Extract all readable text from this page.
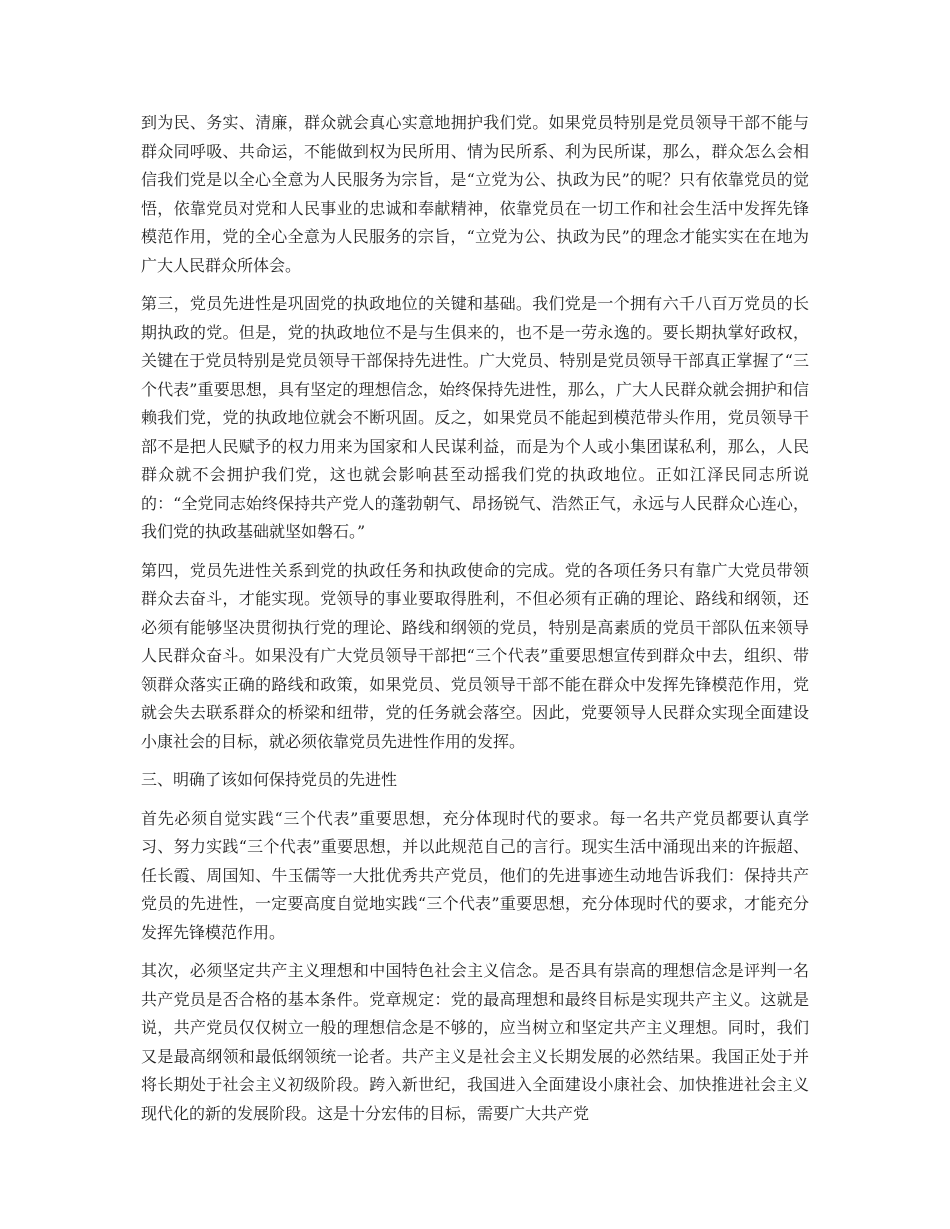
到为民、务实、清廉，群众就会真心实意地拥护我们党。如果党员特别是党员领导干部不能与群众同呼吸、共命运，不能做到权为民所用、情为民所系、利为民所谋，那么，群众怎么会相信我们党是以全心全意为人民服务为宗旨，是“立党为公、执政为民”的呢？只有依靠党员的觉悟，依靠党员对党和人民事业的忠诚和奉献精神，依靠党员在一切工作和社会生活中发挥先锋模范作用，党的全心全意为人民服务的宗旨，“立党为公、执政为民”的理念才能实实在在地为广大人民群众所体会。

第三，党员先进性是巩固党的执政地位的关键和基础。我们党是一个拥有六千八百万党员的长期执政的党。但是，党的执政地位不是与生俱来的，也不是一劳永逸的。要长期执掌好政权，关键在于党员特别是党员领导干部保持先进性。广大党员、特别是党员领导干部真正掌握了“三个代表”重要思想，具有坚定的理想信念，始终保持先进性，那么，广大人民群众就会拥护和信赖我们党，党的执政地位就会不断巩固。反之，如果党员不能起到模范带头作用，党员领导干部不是把人民赋予的权力用来为国家和人民谋利益，而是为个人或小集团谋私利，那么，人民群众就不会拥护我们党，这也就会影响甚至动摇我们党的执政地位。正如江泽民同志所说的：“全党同志始终保持共产党人的蓬勃朝气、昂扬锐气、浩然正气，永远与人民群众心连心，我们党的执政基础就坚如磐石。”

第四，党员先进性关系到党的执政任务和执政使命的完成。党的各项任务只有靠广大党员带领群众去奋斗，才能实现。党领导的事业要取得胜利，不但必须有正确的理论、路线和纲领，还必须有能够坚决贯彻执行党的理论、路线和纲领的党员，特别是高素质的党员干部队伍来领导人民群众奋斗。如果没有广大党员领导干部把“三个代表”重要思想宣传到群众中去，组织、带领群众落实正确的路线和政策，如果党员、党员领导干部不能在群众中发挥先锋模范作用，党就会失去联系群众的桥梁和纽带，党的任务就会落空。因此，党要领导人民群众实现全面建设小康社会的目标，就必须依靠党员先进性作用的发挥。

三、明确了该如何保持党员的先进性

首先必须自觉实践“三个代表”重要思想，充分体现时代的要求。每一名共产党员都要认真学习、努力实践“三个代表”重要思想，并以此规范自己的言行。现实生活中涌现出来的许振超、任长霞、周国知、牛玉儒等一大批优秀共产党员，他们的先进事迹生动地告诉我们：保持共产党员的先进性，一定要高度自觉地实践“三个代表”重要思想，充分体现时代的要求，才能充分发挥先锋模范作用。

其次，必须坚定共产主义理想和中国特色社会主义信念。是否具有崇高的理想信念是评判一名共产党员是否合格的基本条件。党章规定：党的最高理想和最终目标是实现共产主义。这就是说，共产党员仅仅树立一般的理想信念是不够的，应当树立和坚定共产主义理想。同时，我们又是最高纲领和最低纲领统一论者。共产主义是社会主义长期发展的必然结果。我国正处于并将长期处于社会主义初级阶段。跨入新世纪，我国进入全面建设小康社会、加快推进社会主义现代化的新的发展阶段。这是十分宏伟的目标，需要广大共产党
